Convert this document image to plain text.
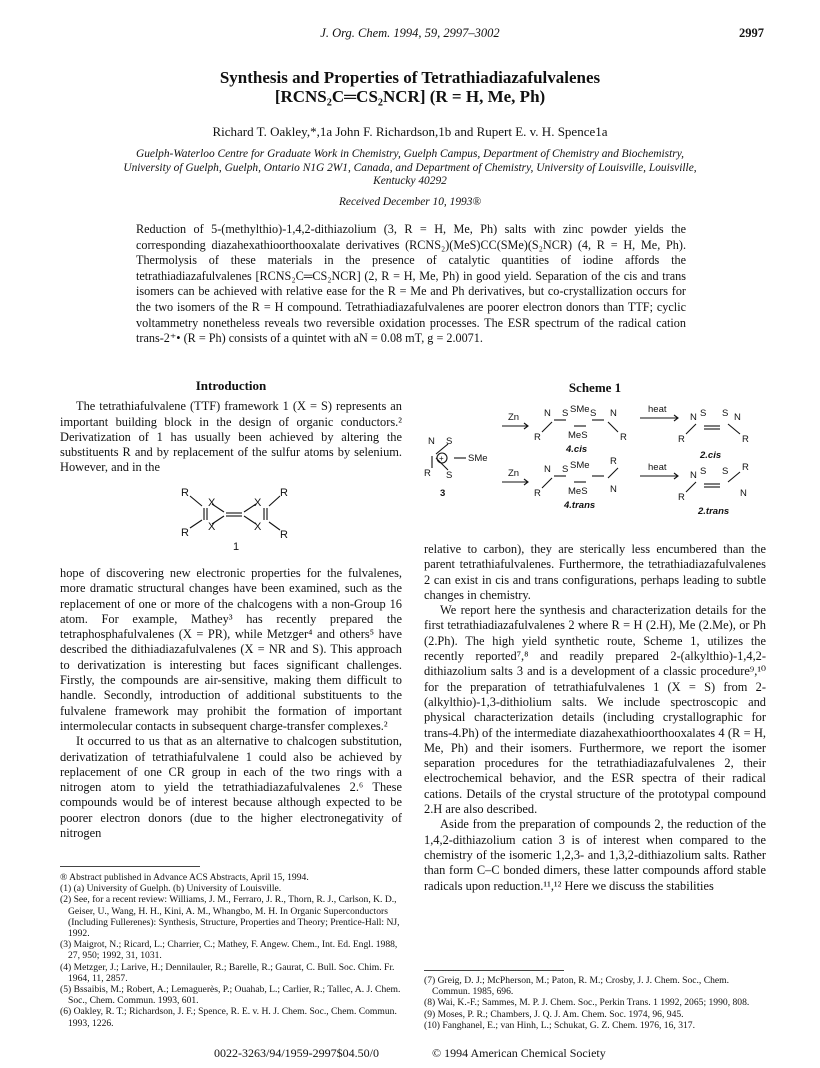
J. Org. Chem. 1994, 59, 2997–3002	2997
Synthesis and Properties of Tetrathiadiazafulvalenes
[RCNS₂C═CS₂NCR] (R = H, Me, Ph)
Richard T. Oakley,*,1a John F. Richardson,1b and Rupert E. v. H. Spence1a
Guelph-Waterloo Centre for Graduate Work in Chemistry, Guelph Campus, Department of Chemistry and Biochemistry, University of Guelph, Guelph, Ontario N1G 2W1, Canada, and Department of Chemistry, University of Louisville, Louisville, Kentucky 40292
Received December 10, 1993®
Reduction of 5-(methylthio)-1,4,2-dithiazolium (3, R = H, Me, Ph) salts with zinc powder yields the corresponding diazahexathioorthooxalate derivatives (RCNS₂)(MeS)CC(SMe)(S₂NCR) (4, R = H, Me, Ph). Thermolysis of these materials in the presence of catalytic quantities of iodine affords the tetrathiadiazafulvalenes [RCNS₂C═CS₂NCR] (2, R = H, Me, Ph) in good yield. Separation of the cis and trans isomers can be achieved with relative ease for the R = Me and Ph derivatives, but co-crystallization occurs for the two isomers of the R = H compound. Tetrathiadiazafulvalenes are poorer electron donors than TTF; cyclic voltammetry nonetheless reveals two reversible oxidation processes. The ESR spectrum of the radical cation trans-2⁺• (R = Ph) consists of a quintet with aN = 0.08 mT, g = 2.0071.
Introduction

The tetrathiafulvalene (TTF) framework 1 (X = S) represents an important building block in the design of organic conductors.² Derivatization of 1 has usually been achieved by altering the substituents R and by replacement of the sulfur atoms by selenium. However, and in the

R
R
X
X
X
X
R
R
1

hope of discovering new electronic properties for the fulvalenes, more dramatic structural changes have been examined, such as the replacement of one or more of the chalcogens with a non-Group 16 atom. For example, Mathey³ has recently prepared the tetraphosphafulvalenes (X = PR), while Metzger⁴ and others⁵ have described the dithiadiazafulvalenes (X = NR and S). This approach to derivatization is interesting but faces significant challenges. Firstly, the compounds are air-sensitive, making them difficult to handle. Secondly, introduction of additional substituents to the fulvalene framework may prohibit the formation of important intermolecular contacts in subsequent charge-transfer complexes.²

It occurred to us that as an alternative to chalcogen substitution, derivatization of tetrathiafulvalene 1 could also be achieved by replacement of one CR group in each of the two rings with a nitrogen atom to yield the tetrathiadiazafulvalenes 2.⁶ These compounds would be of interest because although expected to be poorer electron donors (due to the higher electronegativity of nitrogen

® Abstract published in Advance ACS Abstracts, April 15, 1994.
(1) (a) University of Guelph. (b) University of Louisville.
(2) See, for a recent review: Williams, J. M., Ferraro, J. R., Thorn, R. J., Carlson, K. D., Geiser, U., Wang, H. H., Kini, A. M., Whangbo, M. H. In Organic Superconductors (Including Fullerenes): Synthesis, Structure, Properties and Theory; Prentice-Hall: NJ, 1992.
(3) Maigrot, N.; Ricard, L.; Charrier, C.; Mathey, F. Angew. Chem., Int. Ed. Engl. 1988, 27, 950; 1992, 31, 1031.
(4) Metzger, J.; Larive, H.; Dennilauler, R.; Barelle, R.; Gaurat, C. Bull. Soc. Chim. Fr. 1964, 11, 2857.
(5) Bssaibis, M.; Robert, A.; Lemaguerès, P.; Ouahab, L.; Carlier, R.; Tallec, A. J. Chem. Soc., Chem. Commun. 1993, 601.
(6) Oakley, R. T.; Richardson, J. F.; Spence, R. E. v. H. J. Chem. Soc., Chem. Commun. 1993, 1226.
Scheme 1
N S
+	SMe
S
R
3
Zn
Zn
heat
heat
N S SMe S N
R	MeS	R
4.cis
N S SMe R
R	MeS N
4.trans
N S S N
R	R
2.cis
N S S R
R	N
2.trans

relative to carbon), they are sterically less encumbered than the parent tetrathiafulvalenes. Furthermore, the tetrathiadiazafulvalenes 2 can exist in cis and trans configurations, perhaps leading to subtle changes in chemistry.

We report here the synthesis and characterization details for the first tetrathiadiazafulvalenes 2 where R = H (2.H), Me (2.Me), or Ph (2.Ph). The high yield synthetic route, Scheme 1, utilizes the recently reported⁷,⁸ and readily prepared 2-(alkylthio)-1,4,2-dithiazolium salts 3 and is a development of a classic procedure⁹,¹⁰ for the preparation of tetrathiafulvalenes 1 (X = S) from 2-(alkylthio)-1,3-dithiolium salts. We include spectroscopic and physical characterization details (including crystallographic for trans-4.Ph) of the intermediate diazahexathioorthooxalates 4 (R = H, Me, Ph) and their isomers. Furthermore, we report the isomer separation procedures for the tetrathiadiazafulvalenes 2, their electrochemical behavior, and the ESR spectra of their radical cations. Details of the crystal structure of the prototypal compound 2.H are also described.

Aside from the preparation of compounds 2, the reduction of the 1,4,2-dithiazolium cation 3 is of interest when compared to the chemistry of the isomeric 1,2,3- and 1,3,2-dithiazolium salts. Rather than form C–C bonded dimers, these latter compounds afford stable radicals upon reduction.¹¹,¹² Here we discuss the stabilities

(7) Greig, D. J.; McPherson, M.; Paton, R. M.; Crosby, J. J. Chem. Soc., Chem. Commun. 1985, 696.
(8) Wai, K.-F.; Sammes, M. P. J. Chem. Soc., Perkin Trans. 1 1992, 2065; 1990, 808.
(9) Moses, P. R.; Chambers, J. Q. J. Am. Chem. Soc. 1974, 96, 945.
(10) Fanghanel, E.; van Hinh, L.; Schukat, G. Z. Chem. 1976, 16, 317.
0022-3263/94/1959-2997$04.50/0	© 1994 American Chemical Society
